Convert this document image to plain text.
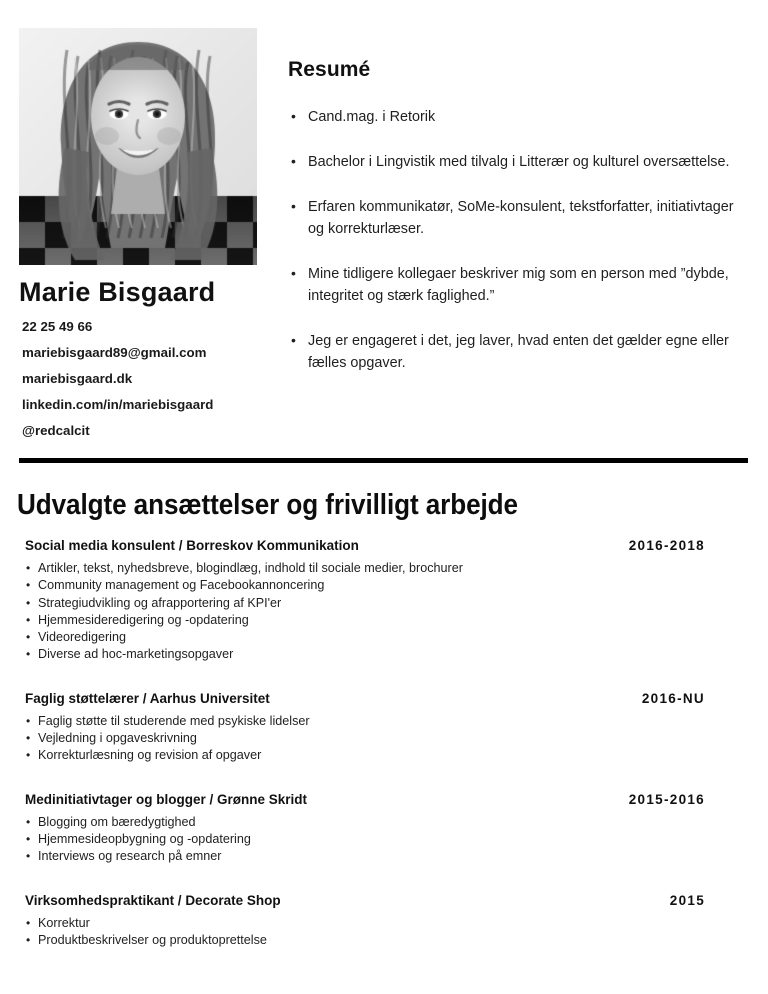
Marie Bisgaard
22 25 49 66
mariebisgaard89@gmail.com
mariebisgaard.dk
linkedin.com/in/mariebisgaard
@redcalcit
Resumé
• Cand.mag. i Retorik
• Bachelor i Lingvistik med tilvalg i Litterær og kulturel oversættelse.
• Erfaren kommunikatør, SoMe-konsulent, tekstforfatter, initiativtager og korrekturlæser.
• Mine tidligere kollegaer beskriver mig som en person med ”dybde, integritet og stærk faglighed.”
• Jeg er engageret i det, jeg laver, hvad enten det gælder egne eller fælles opgaver.
Udvalgte ansættelser og frivilligt arbejde
Social media konsulent / Borreskov Kommunikation	2016-2018
• Artikler, tekst, nyhedsbreve, blogindlæg, indhold til sociale medier, brochurer
• Community management og Facebookannoncering
• Strategiudvikling og afrapportering af KPI'er
• Hjemmesideredigering og -opdatering
• Videoredigering
• Diverse ad hoc-marketingsopgaver
Faglig støttelærer / Aarhus Universitet	2016-NU
• Faglig støtte til studerende med psykiske lidelser
• Vejledning i opgaveskrivning
• Korrekturlæsning og revision af opgaver
Medinitiativtager og blogger / Grønne Skridt	2015-2016
• Blogging om bæredygtighed
• Hjemmesideopbygning og -opdatering
• Interviews og research på emner
Virksomhedspraktikant / Decorate Shop	2015
• Korrektur
• Produktbeskrivelser og produktoprettelse
